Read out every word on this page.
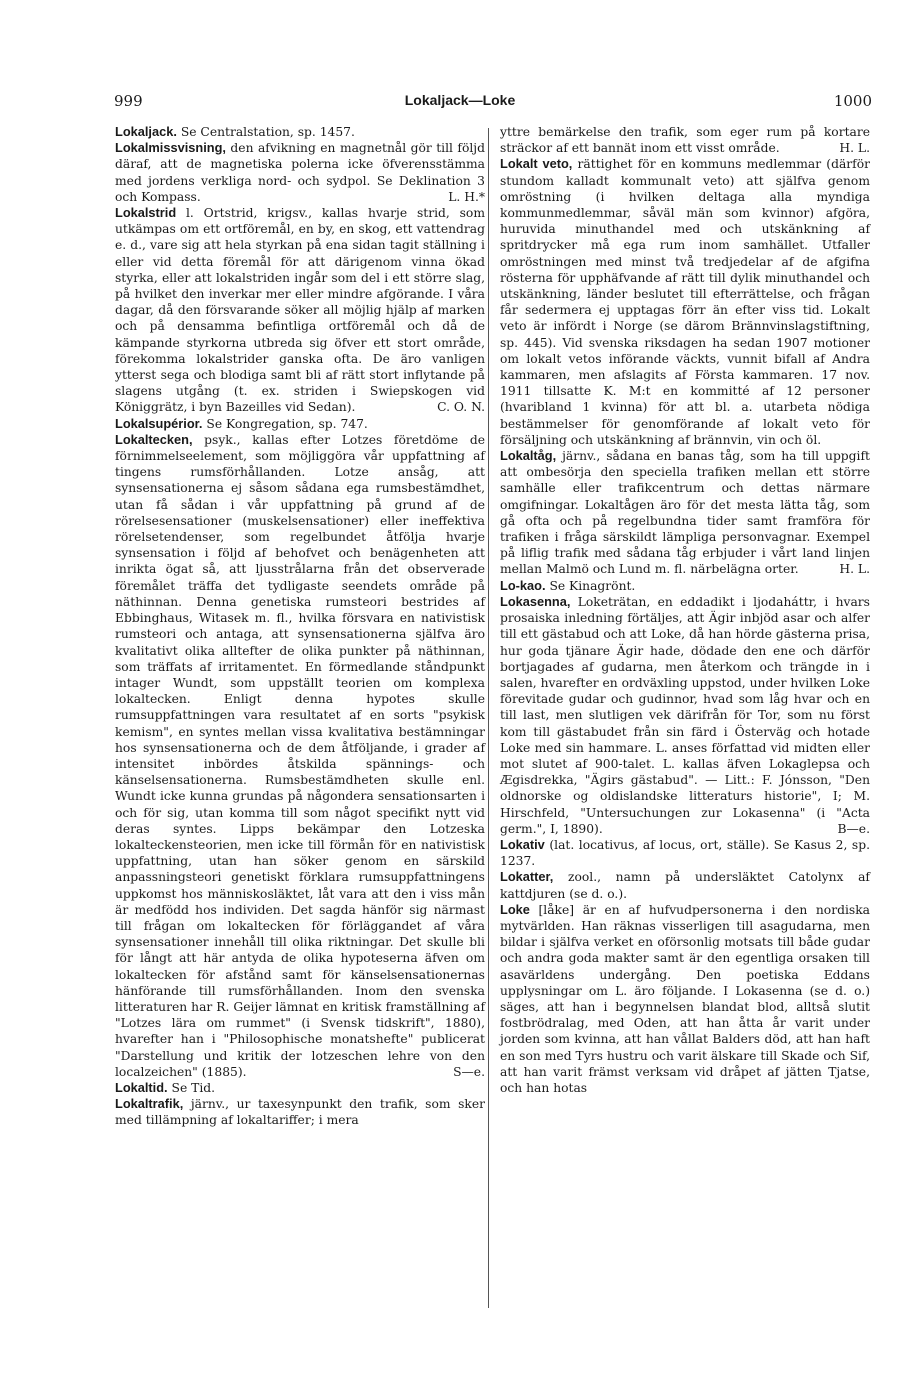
999	Lokaljack—Loke	1000

Lokaljack. Se Centralstation, sp. 1457.

Lokalmissvisning, den afvikning en magnetnål gör till följd däraf, att de magnetiska polerna icke öfverensstämma med jordens verkliga nord- och sydpol. Se Deklination 3 och Kompass.	L. H.*

Lokalstrid l. Ortstrid, krigsv., kallas hvarje strid, som utkämpas om ett ortföremål, en by, en skog, ett vattendrag e. d., vare sig att hela styrkan på ena sidan tagit ställning i eller vid detta föremål för att därigenom vinna ökad styrka, eller att lokalstriden ingår som del i ett större slag, på hvilket den inverkar mer eller mindre afgörande. I våra dagar, då den försvarande söker all möjlig hjälp af marken och på densamma befintliga ortföremål och då de kämpande styrkorna utbreda sig öfver ett stort område, förekomma lokalstrider ganska ofta. De äro vanligen ytterst sega och blodiga samt bli af rätt stort inflytande på slagens utgång (t. ex. striden i Swiepskogen vid Königgrätz, i byn Bazeilles vid Sedan).	C. O. N.

Lokalsupérior. Se Kongregation, sp. 747.

Lokaltecken, psyk., kallas efter Lotzes företdöme de förnimmelseelement, som möjliggöra vår uppfattning af tingens rumsförhållanden. Lotze ansåg, att synsensationerna ej såsom sådana ega rumsbestämdhet, utan få sådan i vår uppfattning på grund af de rörelsesensationer (muskelsensationer) eller ineffektiva rörelsetendenser, som regelbundet åtfölja hvarje synsensation i följd af behofvet och benägenheten att inrikta ögat så, att ljusstrålarna från det observerade föremålet träffa det tydligaste seendets område på näthinnan. Denna genetiska rumsteori bestrides af Ebbinghaus, Witasek m. fl., hvilka försvara en nativistisk rumsteori och antaga, att synsensationerna själfva äro kvalitativt olika alltefter de olika punkter på näthinnan, som träffats af irritamentet. En förmedlande ståndpunkt intager Wundt, som uppställt teorien om komplexa lokaltecken. Enligt denna hypotes skulle rumsuppfattningen vara resultatet af en sorts "psykisk kemism", en syntes mellan vissa kvalitativa bestämningar hos synsensationerna och de dem åtföljande, i grader af intensitet inbördes åtskilda spännings- och känselsensationerna. Rumsbestämdheten skulle enl. Wundt icke kunna grundas på någondera sensationsarten i och för sig, utan komma till som något specifikt nytt vid deras syntes. Lipps bekämpar den Lotzeska lokalteckensteorien, men icke till förmån för en nativistisk uppfattning, utan han söker genom en särskild anpassningsteori genetiskt förklara rumsuppfattningens uppkomst hos människosläktet, låt vara att den i viss mån är medfödd hos individen. Det sagda hänför sig närmast till frågan om lokaltecken för förläggandet af våra synsensationer innehåll till olika riktningar. Det skulle bli för långt att här antyda de olika hypoteserna äfven om lokaltecken för afstånd samt för känselsensationernas hänförande till rumsförhållanden. Inom den svenska litteraturen har R. Geijer lämnat en kritisk framställning af "Lotzes lära om rummet" (i Svensk tidskrift", 1880), hvarefter han i "Philosophische monatshefte" publicerat "Darstellung und kritik der lotzeschen lehre von den localzeichen" (1885).	S—e.

Lokaltid. Se Tid.

Lokaltrafik, järnv., ur taxesynpunkt den trafik, som sker med tillämpning af lokaltariffer; i mera

yttre bemärkelse den trafik, som eger rum på kortare sträckor af ett bannät inom ett visst område.	H. L.

Lokalt veto, rättighet för en kommuns medlemmar (därför stundom kalladt kommunalt veto) att själfva genom omröstning (i hvilken deltaga alla myndiga kommunmedlemmar, såväl män som kvinnor) afgöra, huruvida minuthandel med och utskänkning af spritdrycker må ega rum inom samhället. Utfaller omröstningen med minst två tredjedelar af de afgifna rösterna för upphäfvande af rätt till dylik minuthandel och utskänkning, länder beslutet till efterrättelse, och frågan får sedermera ej upptagas förr än efter viss tid. Lokalt veto är infördt i Norge (se därom Brännvinslagstiftning, sp. 445). Vid svenska riksdagen ha sedan 1907 motioner om lokalt vetos införande väckts, vunnit bifall af Andra kammaren, men afslagits af Första kammaren. 17 nov. 1911 tillsatte K. M:t en kommitté af 12 personer (hvaribland 1 kvinna) för att bl. a. utarbeta nödiga bestämmelser för genomförande af lokalt veto för försäljning och utskänkning af brännvin, vin och öl.

Lokaltåg, järnv., sådana en banas tåg, som ha till uppgift att ombesörja den speciella trafiken mellan ett större samhälle eller trafikcentrum och dettas närmare omgifningar. Lokaltågen äro för det mesta lätta tåg, som gå ofta och på regelbundna tider samt framföra för trafiken i fråga särskildt lämpliga personvagnar. Exempel på liflig trafik med sådana tåg erbjuder i vårt land linjen mellan Malmö och Lund m. fl. närbelägna orter.	H. L.

Lo-kao. Se Kinagrönt.

Lokasenna, Loketrätan, en eddadikt i ljodaháttr, i hvars prosaiska inledning förtäljes, att Ägir inbjöd asar och alfer till ett gästabud och att Loke, då han hörde gästerna prisa, hur goda tjänare Ägir hade, dödade den ene och därför bortjagades af gudarna, men återkom och trängde in i salen, hvarefter en ordväxling uppstod, under hvilken Loke förevitade gudar och gudinnor, hvad som låg hvar och en till last, men slutligen vek därifrån för Tor, som nu först kom till gästabudet från sin färd i Österväg och hotade Loke med sin hammare. L. anses författad vid midten eller mot slutet af 900-talet. L. kallas äfven Lokaglepsa och Ægisdrekka, "Ägirs gästabud". — Litt.: F. Jónsson, "Den oldnorske og oldislandske litteraturs historie", I; M. Hirschfeld, "Untersuchungen zur Lokasenna" (i "Acta germ.", I, 1890).	B—e.

Lokativ (lat. locativus, af locus, ort, ställe). Se Kasus 2, sp. 1237.

Lokatter, zool., namn på undersläktet Catolynx af kattdjuren (se d. o.).

Loke [låke] är en af hufvudpersonerna i den nordiska mytvärlden. Han räknas visserligen till asagudarna, men bildar i själfva verket en oförsonlig motsats till både gudar och andra goda makter samt är den egentliga orsaken till asavärldens undergång. Den poetiska Eddans upplysningar om L. äro följande. I Lokasenna (se d. o.) säges, att han i begynnelsen blandat blod, alltså slutit fostbrödralag, med Oden, att han åtta år varit under jorden som kvinna, att han vållat Balders död, att han haft en son med Tyrs hustru och varit älskare till Skade och Sif, att han varit främst verksam vid dråpet af jätten Tjatse, och han hotas
